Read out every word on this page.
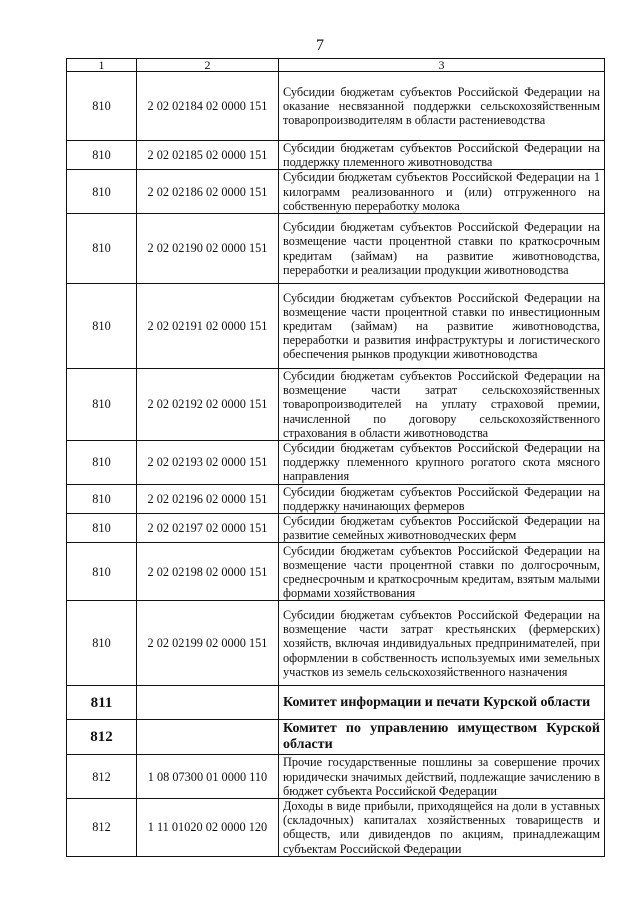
7
1	2	3
810	2 02 02184 02 0000 151	Субсидии бюджетам субъектов Российской Федерации на оказание несвязанной поддержки сельскохозяйственным товаропроизводителям в области растениеводства
810	2 02 02185 02 0000 151	Субсидии бюджетам субъектов Российской Федерации на поддержку племенного животноводства
810	2 02 02186 02 0000 151	Субсидии бюджетам субъектов Российской Федерации на 1 килограмм реализованного и (или) отгруженного на собственную переработку молока
810	2 02 02190 02 0000 151	Субсидии бюджетам субъектов Российской Федерации на возмещение части процентной ставки по краткосрочным кредитам (займам) на развитие животноводства, переработки и реализации продукции животноводства
810	2 02 02191 02 0000 151	Субсидии бюджетам субъектов Российской Федерации на возмещение части процентной ставки по инвестиционным кредитам (займам) на развитие животноводства, переработки и развития инфраструктуры и логистического обеспечения рынков продукции животноводства
810	2 02 02192 02 0000 151	Субсидии бюджетам субъектов Российской Федерации на возмещение части затрат сельскохозяйственных товаропроизводителей на уплату страховой премии, начисленной по договору сельскохозяйственного страхования в области животноводства
810	2 02 02193 02 0000 151	Субсидии бюджетам субъектов Российской Федерации на поддержку племенного крупного рогатого скота мясного направления
810	2 02 02196 02 0000 151	Субсидии бюджетам субъектов Российской Федерации на поддержку начинающих фермеров
810	2 02 02197 02 0000 151	Субсидии бюджетам субъектов Российской Федерации на развитие семейных животноводческих ферм
810	2 02 02198 02 0000 151	Субсидии бюджетам субъектов Российской Федерации на возмещение части процентной ставки по долгосрочным, среднесрочным и краткосрочным кредитам, взятым малыми формами хозяйствования
810	2 02 02199 02 0000 151	Субсидии бюджетам субъектов Российской Федерации на возмещение части затрат крестьянских (фермерских) хозяйств, включая индивидуальных предпринимателей, при оформлении в собственность используемых ими земельных участков из земель сельскохозяйственного назначения
811		Комитет информации и печати Курской области
812		Комитет по управлению имуществом Курской области
812	1 08 07300 01 0000 110	Прочие государственные пошлины за совершение прочих юридически значимых действий, подлежащие зачислению в бюджет субъекта Российской Федерации
812	1 11 01020 02 0000 120	Доходы в виде прибыли, приходящейся на доли в уставных (складочных) капиталах хозяйственных товариществ и обществ, или дивидендов по акциям, принадлежащим субъектам Российской Федерации
